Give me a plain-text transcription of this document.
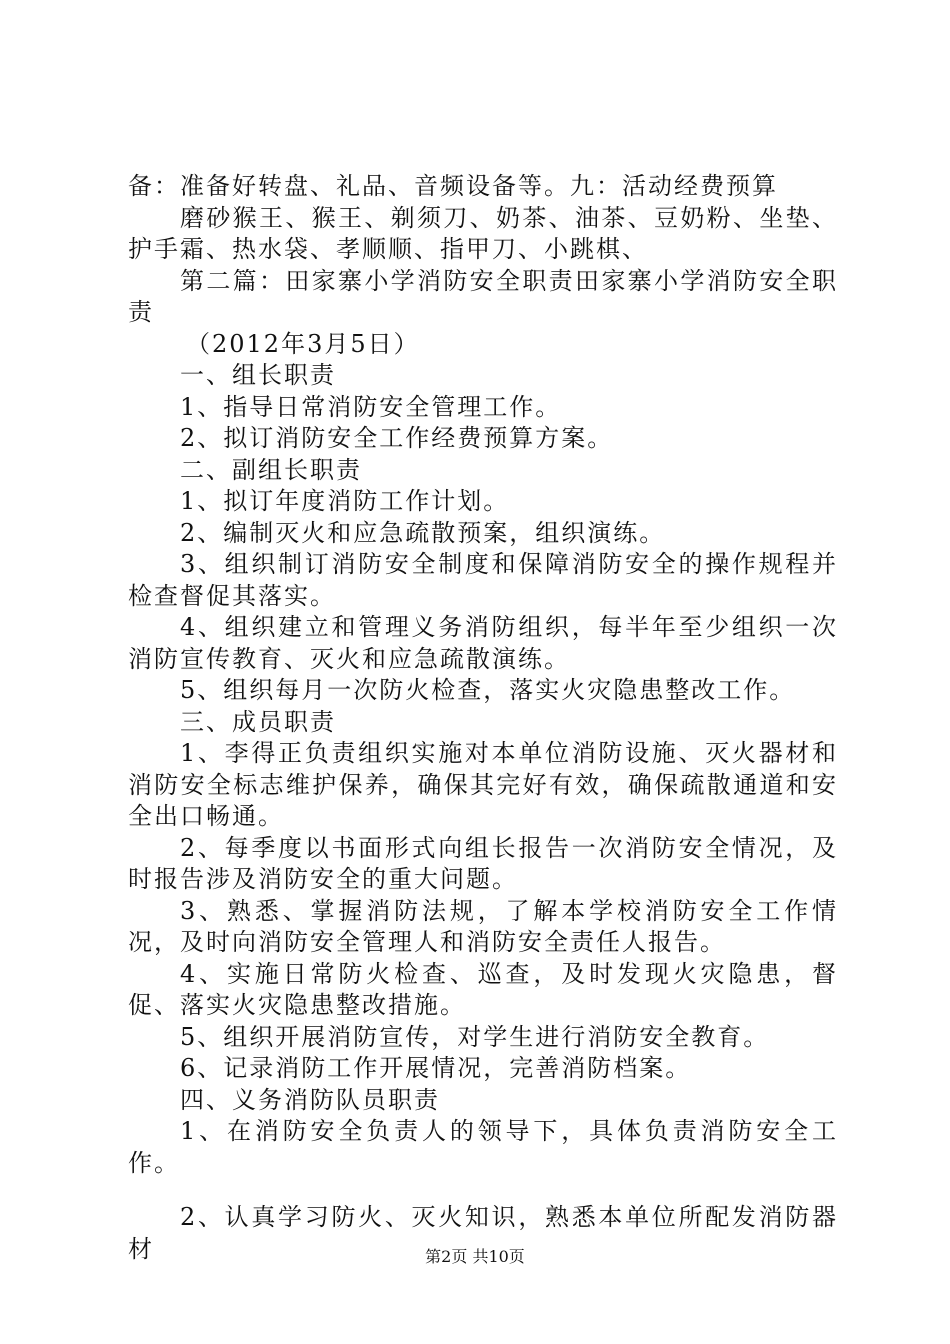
备：准备好转盘、礼品、音频设备等。九：活动经费预算

磨砂猴王、猴王、剃须刀、奶茶、油茶、豆奶粉、坐垫、护手霜、热水袋、孝顺顺、指甲刀、小跳棋、

第二篇：田家寨小学消防安全职责田家寨小学消防安全职责

（2012年3月5日）

一、组长职责

1、指导日常消防安全管理工作。

2、拟订消防安全工作经费预算方案。

二、副组长职责

1、拟订年度消防工作计划。

2、编制灭火和应急疏散预案，组织演练。

3、组织制订消防安全制度和保障消防安全的操作规程并检查督促其落实。

4、组织建立和管理义务消防组织，每半年至少组织一次消防宣传教育、灭火和应急疏散演练。

5、组织每月一次防火检查，落实火灾隐患整改工作。

三、成员职责

1、李得正负责组织实施对本单位消防设施、灭火器材和消防安全标志维护保养，确保其完好有效，确保疏散通道和安全出口畅通。

2、每季度以书面形式向组长报告一次消防安全情况，及时报告涉及消防安全的重大问题。

3、熟悉、掌握消防法规，了解本学校消防安全工作情况，及时向消防安全管理人和消防安全责任人报告。

4、实施日常防火检查、巡查，及时发现火灾隐患，督促、落实火灾隐患整改措施。

5、组织开展消防宣传，对学生进行消防安全教育。

6、记录消防工作开展情况，完善消防档案。

四、义务消防队员职责

1、在消防安全负责人的领导下，具体负责消防安全工作。

2、认真学习防火、灭火知识，熟悉本单位所配发消防器材	第2页 共10页
